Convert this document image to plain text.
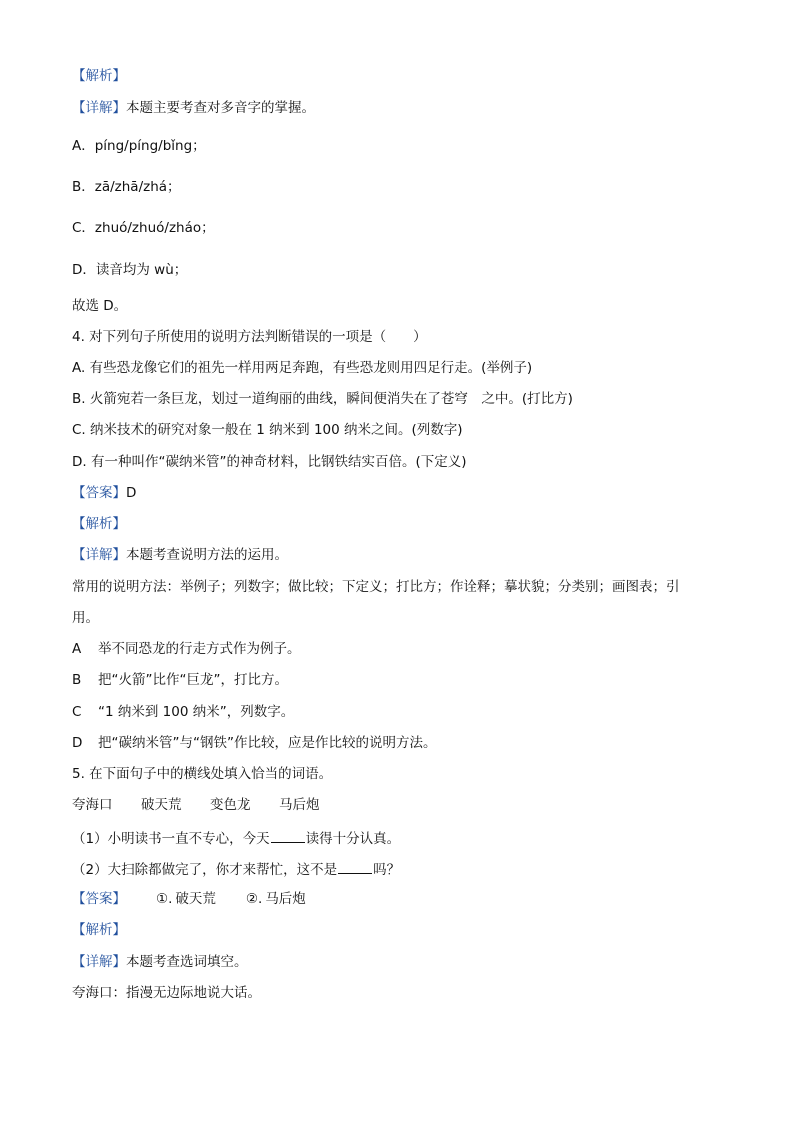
【解析】
【详解】本题主要考查对多音字的掌握。
A．píng/píng/bǐng；
B．zā/zhā/zhá；
C．zhuó/zhuó/zháo；
D．读音均为 wù；
故选 D。
4. 对下列句子所使用的说明方法判断错误的一项是（　　）
A. 有些恐龙像它们的祖先一样用两足奔跑，有些恐龙则用四足行走。(举例子)
B. 火箭宛若一条巨龙，划过一道绚丽的曲线，瞬间便消失在了苍穹　之中。(打比方)
C. 纳米技术的研究对象一般在 1 纳米到 100 纳米之间。(列数字)
D. 有一种叫作“碳纳米管”的神奇材料，比钢铁结实百倍。(下定义)
【答案】D
【解析】
【详解】本题考查说明方法的运用。
常用的说明方法：举例子；列数字；做比较；下定义；打比方；作诠释；摹状貌；分类别；画图表；引
用。
A 举不同恐龙的行走方式作为例子。
B 把“火箭”比作“巨龙”，打比方。
C “1 纳米到 100 纳米”，列数字。
D 把“碳纳米管”与“钢铁”作比较，应是作比较的说明方法。
5. 在下面句子中的横线处填入恰当的词语。
夸海口 破天荒 变色龙 马后炮
（1）小明读书一直不专心，今天	读得十分认真。
（2）大扫除都做完了，你才来帮忙，这不是	吗？
【答案】 ①. 破天荒 ②. 马后炮
【解析】
【详解】本题考查选词填空。
夸海口：指漫无边际地说大话。
